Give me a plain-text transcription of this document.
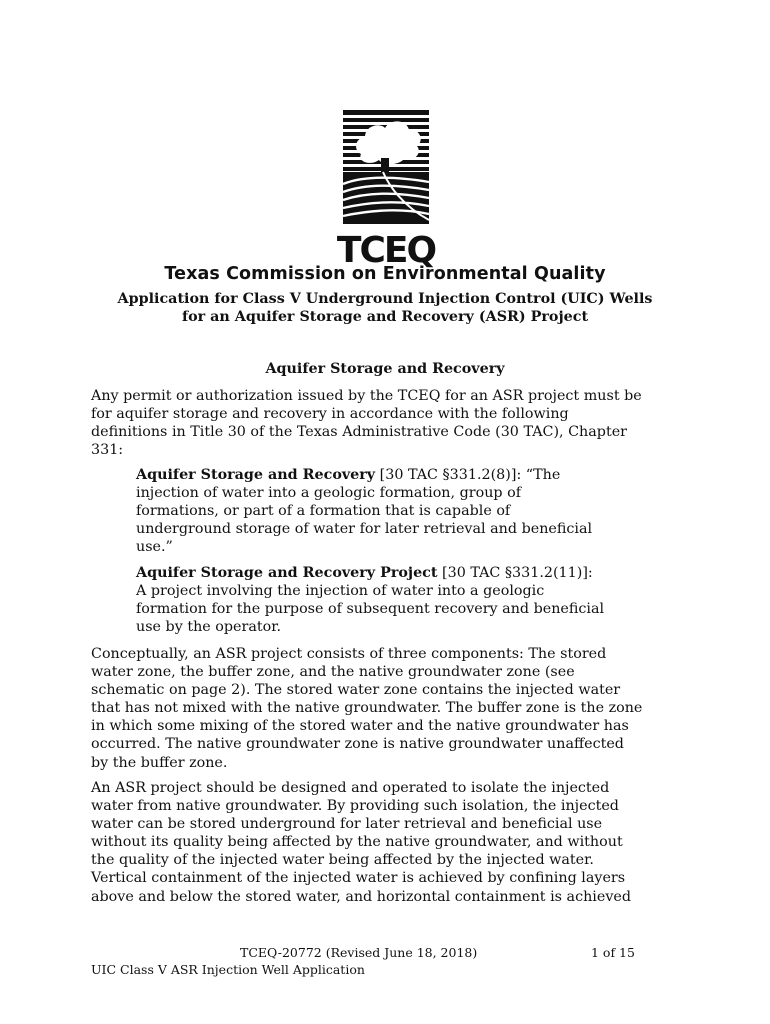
TCEQ
Texas Commission on Environmental Quality
Application for Class V Underground Injection Control (UIC) Wells
for an Aquifer Storage and Recovery (ASR) Project
Aquifer Storage and Recovery
Any permit or authorization issued by the TCEQ for an ASR project must be
for aquifer storage and recovery in accordance with the following
definitions in Title 30 of the Texas Administrative Code (30 TAC), Chapter
331:
Aquifer Storage and Recovery [30 TAC §331.2(8)]: “The
injection of water into a geologic formation, group of
formations, or part of a formation that is capable of
underground storage of water for later retrieval and beneficial
use.”
Aquifer Storage and Recovery Project [30 TAC §331.2(11)]:
A project involving the injection of water into a geologic
formation for the purpose of subsequent recovery and beneficial
use by the operator.
Conceptually, an ASR project consists of three components: The stored
water zone, the buffer zone, and the native groundwater zone (see
schematic on page 2). The stored water zone contains the injected water
that has not mixed with the native groundwater. The buffer zone is the zone
in which some mixing of the stored water and the native groundwater has
occurred. The native groundwater zone is native groundwater unaffected
by the buffer zone.
An ASR project should be designed and operated to isolate the injected
water from native groundwater. By providing such isolation, the injected
water can be stored underground for later retrieval and beneficial use
without its quality being affected by the native groundwater, and without
the quality of the injected water being affected by the injected water.
Vertical containment of the injected water is achieved by confining layers
above and below the stored water, and horizontal containment is achieved
TCEQ-20772 (Revised June 18, 2018)	1 of 15
UIC Class V ASR Injection Well Application
